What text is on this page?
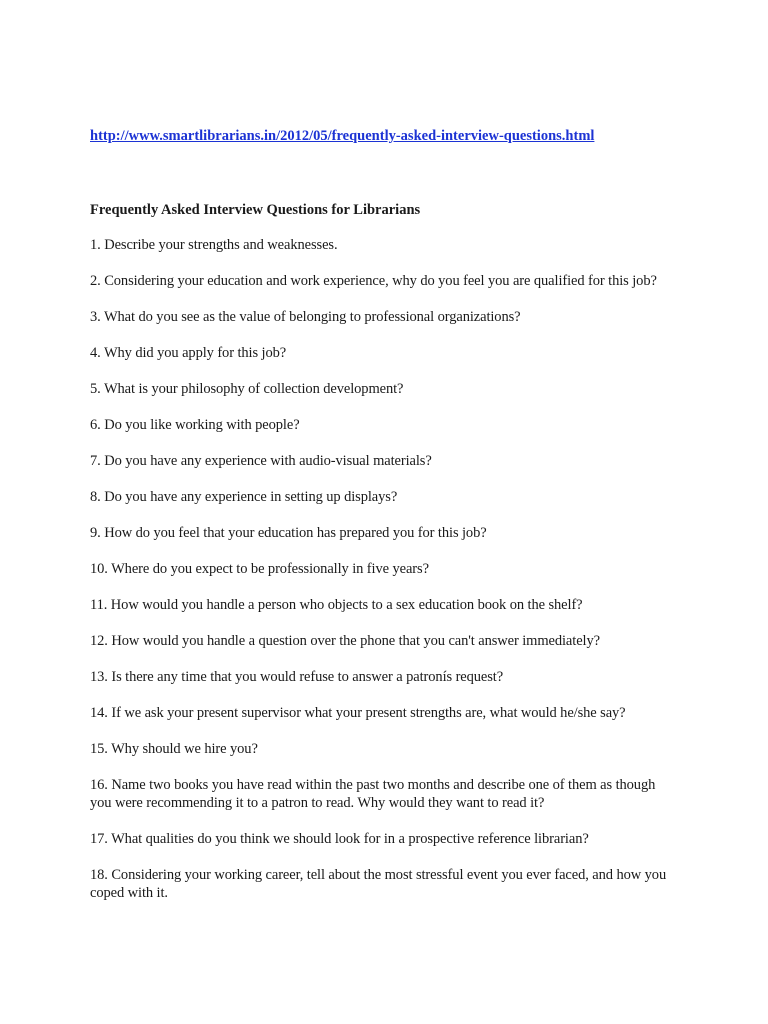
http://www.smartlibrarians.in/2012/05/frequently-asked-interview-questions.html
Frequently Asked Interview Questions for Librarians
1. Describe your strengths and weaknesses.
2. Considering your education and work experience, why do you feel you are qualified for this job?
3. What do you see as the value of belonging to professional organizations?
4. Why did you apply for this job?
5. What is your philosophy of collection development?
6. Do you like working with people?
7. Do you have any experience with audio-visual materials?
8. Do you have any experience in setting up displays?
9. How do you feel that your education has prepared you for this job?
10. Where do you expect to be professionally in five years?
11. How would you handle a person who objects to a sex education book on the shelf?
12. How would you handle a question over the phone that you can't answer immediately?
13. Is there any time that you would refuse to answer a patronís request?
14. If we ask your present supervisor what your present strengths are, what would he/she say?
15. Why should we hire you?
16. Name two books you have read within the past two months and describe one of them as though you were recommending it to a patron to read. Why would they want to read it?
17. What qualities do you think we should look for in a prospective reference librarian?
18. Considering your working career, tell about the most stressful event you ever faced, and how you coped with it.
